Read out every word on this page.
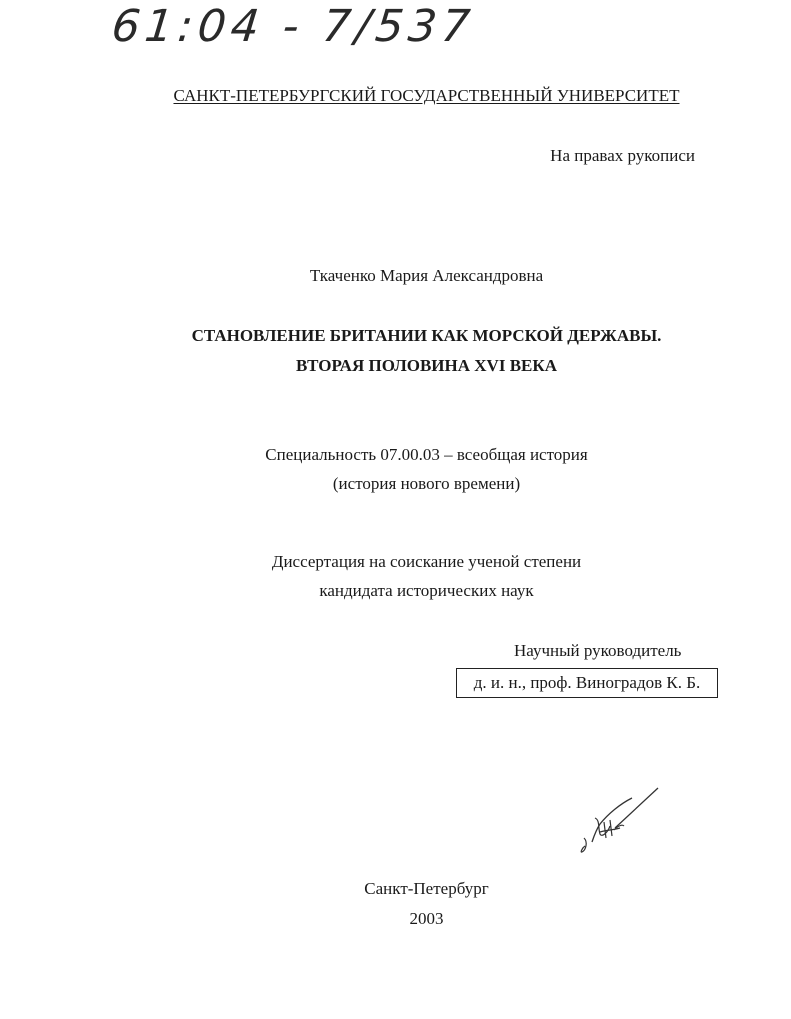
61:04 - 7/537
САНКТ-ПЕТЕРБУРГСКИЙ ГОСУДАРСТВЕННЫЙ УНИВЕРСИТЕТ
На правах рукописи
Ткаченко Мария Александровна
СТАНОВЛЕНИЕ БРИТАНИИ КАК МОРСКОЙ ДЕРЖАВЫ.
ВТОРАЯ ПОЛОВИНА XVI ВЕКА
Специальность 07.00.03 – всеобщая история
(история нового времени)
Диссертация на соискание ученой степени
кандидата исторических наук
Научный руководитель
д. и. н., проф. Виноградов К. Б.
Санкт-Петербург
2003
